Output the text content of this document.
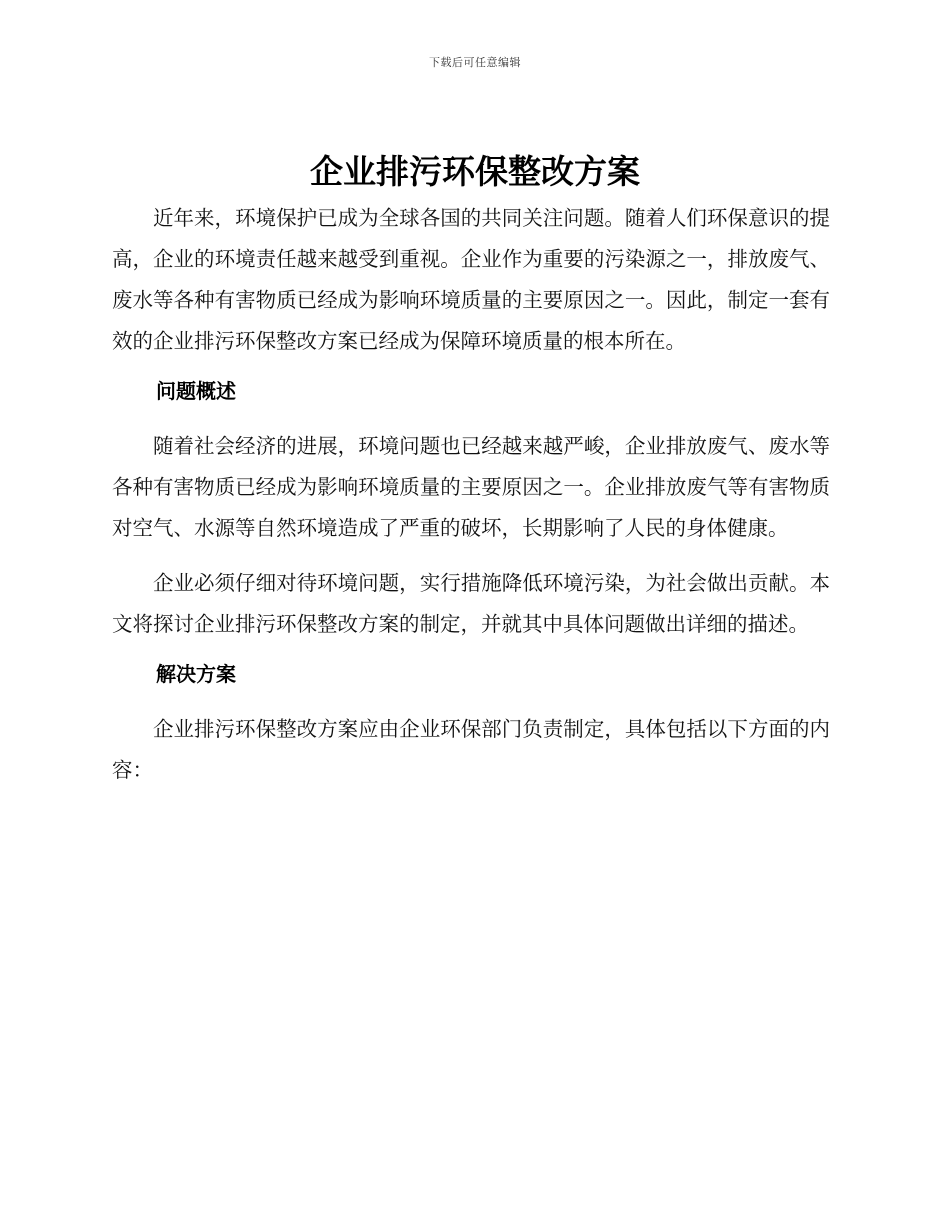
下载后可任意编辑
企业排污环保整改方案

近年来，环境保护已成为全球各国的共同关注问题。随着人们环保意识的提高，企业的环境责任越来越受到重视。企业作为重要的污染源之一，排放废气、废水等各种有害物质已经成为影响环境质量的主要原因之一。因此，制定一套有效的企业排污环保整改方案已经成为保障环境质量的根本所在。

问题概述

随着社会经济的进展，环境问题也已经越来越严峻，企业排放废气、废水等各种有害物质已经成为影响环境质量的主要原因之一。企业排放废气等有害物质对空气、水源等自然环境造成了严重的破坏，长期影响了人民的身体健康。

企业必须仔细对待环境问题，实行措施降低环境污染，为社会做出贡献。本文将探讨企业排污环保整改方案的制定，并就其中具体问题做出详细的描述。

解决方案

企业排污环保整改方案应由企业环保部门负责制定，具体包括以下方面的内容：
